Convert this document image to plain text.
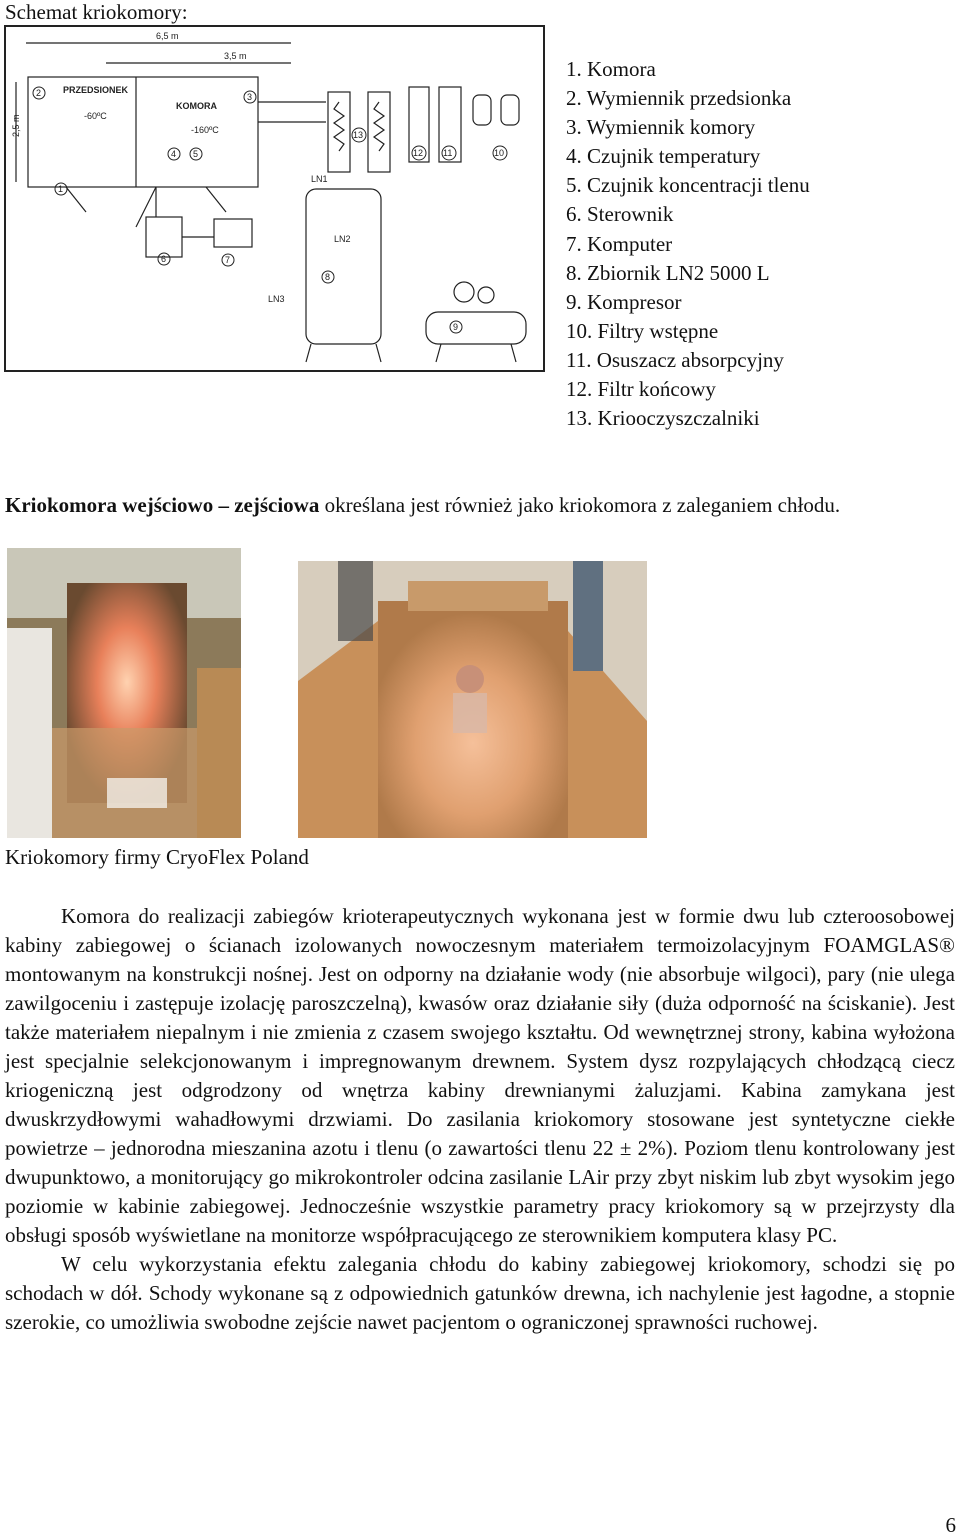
Schemat kriokomory:
6,5 m
3,5 m
2,5 m
PRZEDSIONEK
-60ºC
KOMORA
-160ºC
LN1
LN2
LN3
1
2	3
4 5
6	7
8
9
10
11
12
13
1. Komora
2. Wymiennik przedsionka
3. Wymiennik komory
4. Czujnik temperatury
5. Czujnik koncentracji tlenu
6. Sterownik
7. Komputer
8. Zbiornik LN2 5000 L
9. Kompresor
10. Filtry wstępne
11. Osuszacz absorpcyjny
12. Filtr końcowy
13. Kriooczyszczalniki
Kriokomora wejściowo – zejściowa określana jest również jako kriokomora z zaleganiem chłodu.
Kriokomory firmy CryoFlex Poland

Komora do realizacji zabiegów krioterapeutycznych wykonana jest w formie dwu lub czteroosobowej kabiny zabiegowej o ścianach izolowanych nowoczesnym materiałem termoizolacyjnym FOAMGLAS® montowanym na konstrukcji nośnej. Jest on odporny na działanie wody (nie absorbuje wilgoci), pary (nie ulega zawilgoceniu i zastępuje izolację paroszczelną), kwasów oraz działanie siły (duża odporność na ściskanie). Jest także materiałem niepalnym i nie zmienia z czasem swojego kształtu. Od wewnętrznej strony, kabina wyłożona jest specjalnie selekcjonowanym i impregnowanym drewnem. System dysz rozpylających chłodzącą ciecz kriogeniczną jest odgrodzony od wnętrza kabiny drewnianymi żaluzjami. Kabina zamykana jest dwuskrzydłowymi wahadłowymi drzwiami. Do zasilania kriokomory stosowane jest syntetyczne ciekłe powietrze – jednorodna mieszanina azotu i tlenu (o zawartości tlenu 22 ± 2%). Poziom tlenu kontrolowany jest dwupunktowo, a monitorujący go mikrokontroler odcina zasilanie LAir przy zbyt niskim lub zbyt wysokim jego poziomie w kabinie zabiegowej. Jednocześnie wszystkie parametry pracy kriokomory są w przejrzysty dla obsługi sposób wyświetlane na monitorze współpracującego ze sterownikiem komputera klasy PC.

W celu wykorzystania efektu zalegania chłodu do kabiny zabiegowej kriokomory, schodzi się po schodach w dół. Schody wykonane są z odpowiednich gatunków drewna, ich nachylenie jest łagodne, a stopnie szerokie, co umożliwia swobodne zejście nawet pacjentom o ograniczonej sprawności ruchowej.

6
